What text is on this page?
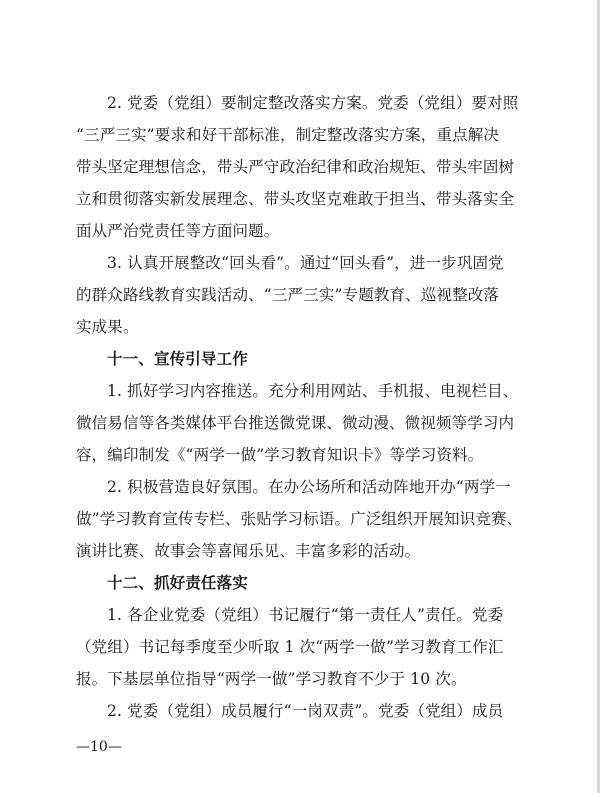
2. 党委（党组）要制定整改落实方案。党委（党组）要对照
“三严三实”要求和好干部标准，制定整改落实方案，重点解决
带头坚定理想信念，带头严守政治纪律和政治规矩、带头牢固树
立和贯彻落实新发展理念、带头攻坚克难敢于担当、带头落实全
面从严治党责任等方面问题。
3. 认真开展整改“回头看”。通过“回头看”，进一步巩固党
的群众路线教育实践活动、“三严三实”专题教育、巡视整改落
实成果。
十一、宣传引导工作
1. 抓好学习内容推送。充分利用网站、手机报、电视栏目、
微信易信等各类媒体平台推送微党课、微动漫、微视频等学习内
容，编印制发《“两学一做”学习教育知识卡》等学习资料。
2. 积极营造良好氛围。在办公场所和活动阵地开办“两学一
做”学习教育宣传专栏、张贴学习标语。广泛组织开展知识竞赛、
演讲比赛、故事会等喜闻乐见、丰富多彩的活动。
十二、抓好责任落实
1. 各企业党委（党组）书记履行“第一责任人”责任。党委
（党组）书记每季度至少听取 1 次“两学一做”学习教育工作汇
报。下基层单位指导“两学一做”学习教育不少于 10 次。
2. 党委（党组）成员履行“一岗双责”。党委（党组）成员
—10—
